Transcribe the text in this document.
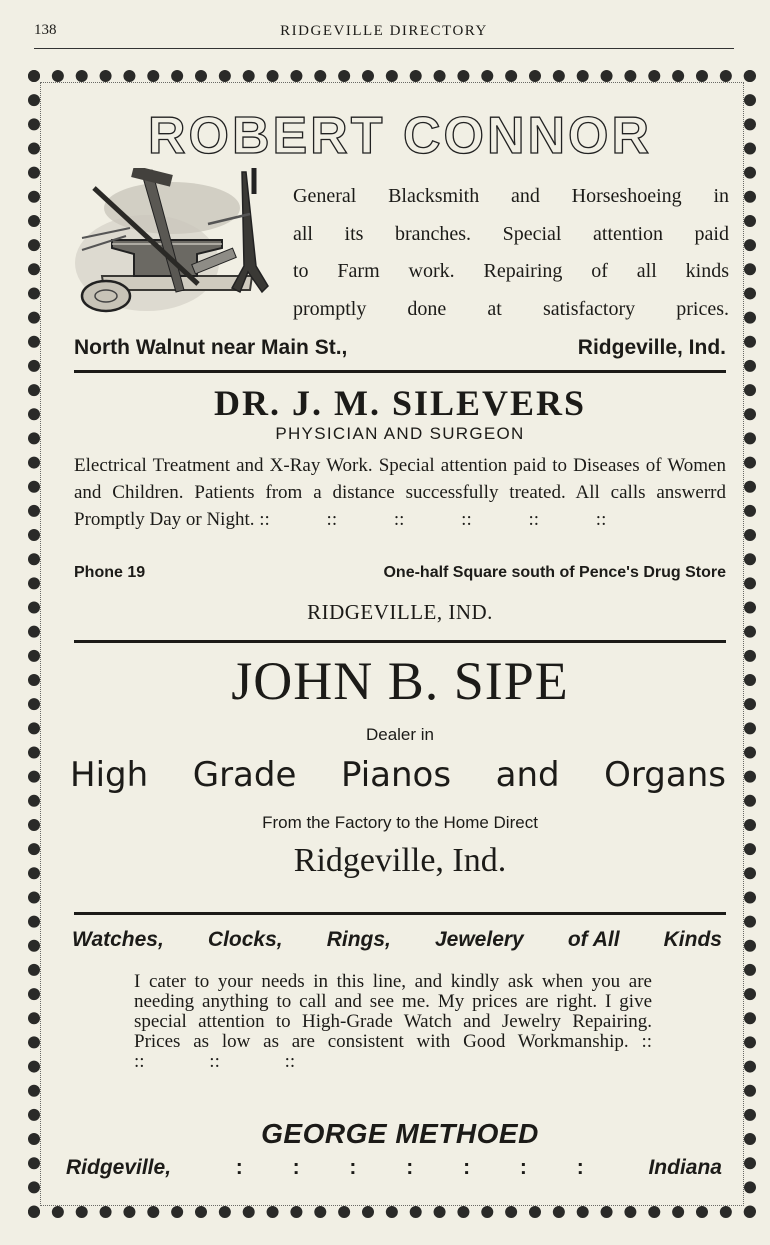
138	RIDGEVILLE DIRECTORY
ROBERT CONNOR
General Blacksmith and Horseshoeing in
all its branches. Special attention paid
to Farm work. Repairing of all kinds
promptlу done at satisfactory prices.
North Walnut near Main St.,	Ridgeville, Ind.
DR. J. M. SILEVERS
PHYSICIAN AND SURGEON
Electrical Treatment and X-Ray Work. Special attention paid to Diseases of Women and Children. Patients from a distance successfully treated. All calls answerrd Promptly Day or Night. :: :: :: :: :: ::
Phone 19	One-half Square south of Pence's Drug Store
RIDGEVILLE, IND.
JOHN B. SIPE
Dealer in
High Grade Pianos and Organs
From the Factory to the Home Direct
Ridgeville, Ind.
Watches, Clocks, Rings, Jewelery of All Kinds
I cater to your needs in this line, and kindly ask when you are needing anything to call and see me. My prices are right. I give special attention to High-Grade Watch and Jewelry Repairing. Prices as low as are consistent with Good Workmanship. :: :: :: ::
GEORGE METHOED
Ridgeville,	: : : : : : :	Indiana
